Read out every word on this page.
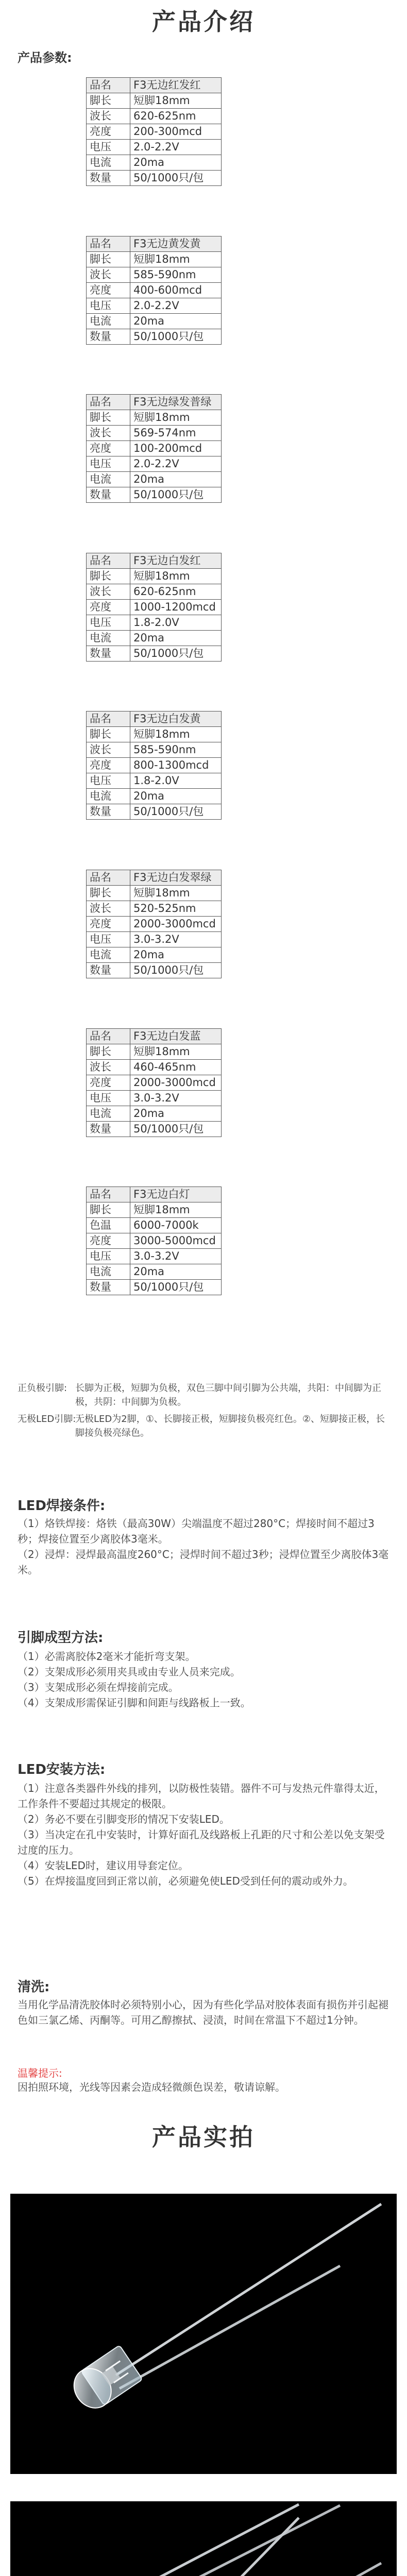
产品介绍
产品参数:
品名	F3无边红发红
脚长	短脚18mm
波长	620-625nm
亮度	200-300mcd
电压	2.0-2.2V
电流	20ma
数量	50/1000只/包
品名	F3无边黄发黄
脚长	短脚18mm
波长	585-590nm
亮度	400-600mcd
电压	2.0-2.2V
电流	20ma
数量	50/1000只/包
品名	F3无边绿发普绿
脚长	短脚18mm
波长	569-574nm
亮度	100-200mcd
电压	2.0-2.2V
电流	20ma
数量	50/1000只/包
品名	F3无边白发红
脚长	短脚18mm
波长	620-625nm
亮度	1000-1200mcd
电压	1.8-2.0V
电流	20ma
数量	50/1000只/包
品名	F3无边白发黄
脚长	短脚18mm
波长	585-590nm
亮度	800-1300mcd
电压	1.8-2.0V
电流	20ma
数量	50/1000只/包
品名	F3无边白发翠绿
脚长	短脚18mm
波长	520-525nm
亮度	2000-3000mcd
电压	3.0-3.2V
电流	20ma
数量	50/1000只/包
品名	F3无边白发蓝
脚长	短脚18mm
波长	460-465nm
亮度	2000-3000mcd
电压	3.0-3.2V
电流	20ma
数量	50/1000只/包
品名	F3无边白灯
脚长	短脚18mm
色温	6000-7000k
亮度	3000-5000mcd
电压	3.0-3.2V
电流	20ma
数量	50/1000只/包
正负极引脚: 长脚为正极，短脚为负极，双色三脚中间引脚为公共端，共阳：中间脚为正极，共阴：中间脚为负极。
无极LED引脚:
无极LED为2脚，①、长脚接正极，短脚接负极亮红色。②、短脚接正极，长脚接负极亮绿色。
LED焊接条件:

（1）烙铁焊接：烙铁（最高30W）尖端温度不超过280°C；焊接时间不超过3秒；焊接位置至少离胶体3毫米。

（2）浸焊：浸焊最高温度260°C；浸焊时间不超过3秒；浸焊位置至少离胶体3毫米。

引脚成型方法:

（1）必需离胶体2毫米才能折弯支架。

（2）支架成形必须用夹具或由专业人员来完成。

（3）支架成形必须在焊接前完成。

（4）支架成形需保证引脚和间距与线路板上一致。

LED安装方法:

（1）注意各类器件外线的排列，以防极性装错。器件不可与发热元件靠得太近，工作条件不要超过其规定的极限。

（2）务必不要在引脚变形的情况下安装LED。

（3）当决定在孔中安装时，计算好面孔及线路板上孔距的尺寸和公差以免支架受过度的压力。

（4）安装LED时，建议用导套定位。

（5）在焊接温度回到正常以前，必须避免使LED受到任何的震动或外力。

清洗:

当用化学品清洗胶体时必须特别小心，因为有些化学品对胶体表面有损伤并引起褪色如三氯乙烯、丙酮等。可用乙醇擦拭、浸渍，时间在常温下不超过1分钟。

温馨提示:

因拍照环境，光线等因素会造成轻微颜色误差，敬请谅解。

产品实拍
